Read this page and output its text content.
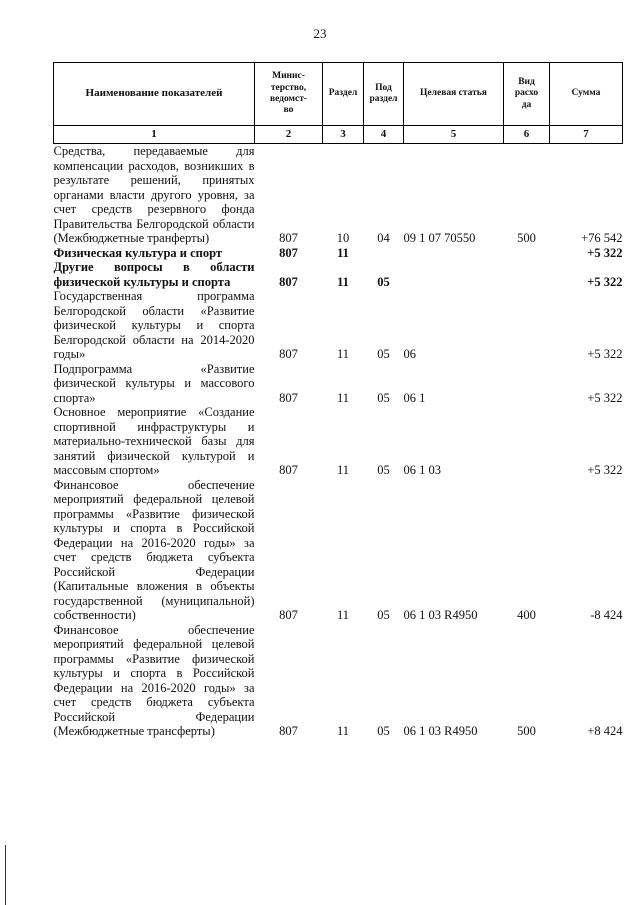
23
Наименование показателей	Минис-
терство,
ведомст-
во	Раздел	Под
раздел	Целевая статья	Вид
расхо
да	Сумма
1	2	3	4	5	6	7
Средства, передаваемые для компенсации расходов, возникших в результате решений, принятых органами власти другого уровня, за счет средств резервного фонда Правительства Белгородской области (Межбюджетные транферты)	807	10	04	09 1 07 70550	500	+76 542
Физическая культура и спорт	807	11				+5 322
Другие вопросы в области физической культуры и спорта	807	11	05			+5 322
Государственная программа Белгородской области «Развитие физической культуры и спорта Белгородской области на 2014-2020 годы»	807	11	05	06		+5 322
Подпрограмма «Развитие физической культуры и массового спорта»	807	11	05	06 1		+5 322
Основное мероприятие «Создание спортивной инфраструктуры и материально-технической базы для занятий физической культурой и массовым спортом»	807	11	05	06 1 03		+5 322
Финансовое обеспечение мероприятий федеральной целевой программы «Развитие физической культуры и спорта в Российской Федерации на 2016-2020 годы» за счет средств бюджета субъекта Российской Федерации (Капитальные вложения в объекты государственной (муниципальной) собственности)	807	11	05	06 1 03 R4950	400	-8 424
Финансовое обеспечение мероприятий федеральной целевой программы «Развитие физической культуры и спорта в Российской Федерации на 2016-2020 годы» за счет средств бюджета субъекта Российской Федерации (Межбюджетные трансферты)	807	11	05	06 1 03 R4950	500	+8 424
